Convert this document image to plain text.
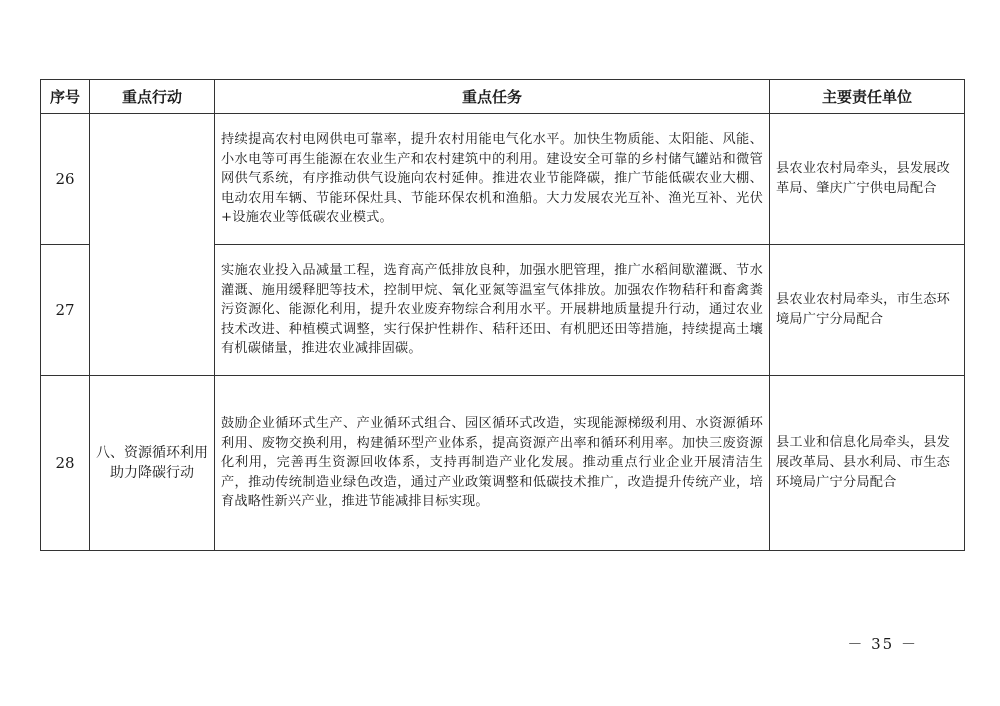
序号	重点行动	重点任务	主要责任单位
26		持续提高农村电网供电可靠率，提升农村用能电气化水平。加快生物质能、太阳能、风能、小水电等可再生能源在农业生产和农村建筑中的利用。建设安全可靠的乡村储气罐站和微管网供气系统，有序推动供气设施向农村延伸。推进农业节能降碳，推广节能低碳农业大棚、电动农用车辆、节能环保灶具、节能环保农机和渔船。大力发展农光互补、渔光互补、光伏+设施农业等低碳农业模式。	县农业农村局牵头，县发展改革局、肇庆广宁供电局配合
27		实施农业投入品减量工程，选育高产低排放良种，加强水肥管理，推广水稻间歇灌溉、节水灌溉、施用缓释肥等技术，控制甲烷、氧化亚氮等温室气体排放。加强农作物秸秆和畜禽粪污资源化、能源化利用，提升农业废弃物综合利用水平。开展耕地质量提升行动，通过农业技术改进、种植模式调整，实行保护性耕作、秸秆还田、有机肥还田等措施，持续提高土壤有机碳储量，推进农业减排固碳。	县农业农村局牵头，市生态环境局广宁分局配合
28	八、资源循环利用助力降碳行动	鼓励企业循环式生产、产业循环式组合、园区循环式改造，实现能源梯级利用、水资源循环利用、废物交换利用，构建循环型产业体系，提高资源产出率和循环利用率。加快三废资源化利用，完善再生资源回收体系，支持再制造产业化发展。推动重点行业企业开展清洁生产，推动传统制造业绿色改造，通过产业政策调整和低碳技术推广，改造提升传统产业，培育战略性新兴产业，推进节能减排目标实现。	县工业和信息化局牵头，县发展改革局、县水利局、市生态环境局广宁分局配合
－ 35 －
